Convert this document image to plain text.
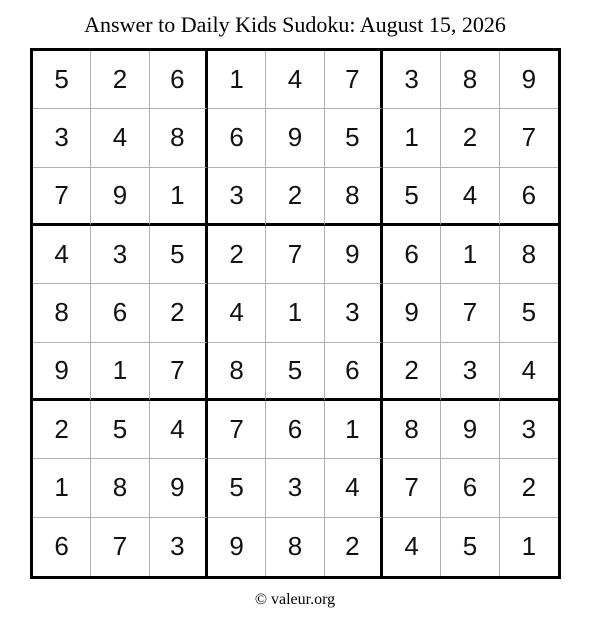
Answer to Daily Kids Sudoku: August 15, 2026
5	2	6	1	4	7	3	8	9
3	4	8	6	9	5	1	2	7
7	9	1	3	2	8	5	4	6
4	3	5	2	7	9	6	1	8
8	6	2	4	1	3	9	7	5
9	1	7	8	5	6	2	3	4
2	5	4	7	6	1	8	9	3
1	8	9	5	3	4	7	6	2
6	7	3	9	8	2	4	5	1
© valeur.org
